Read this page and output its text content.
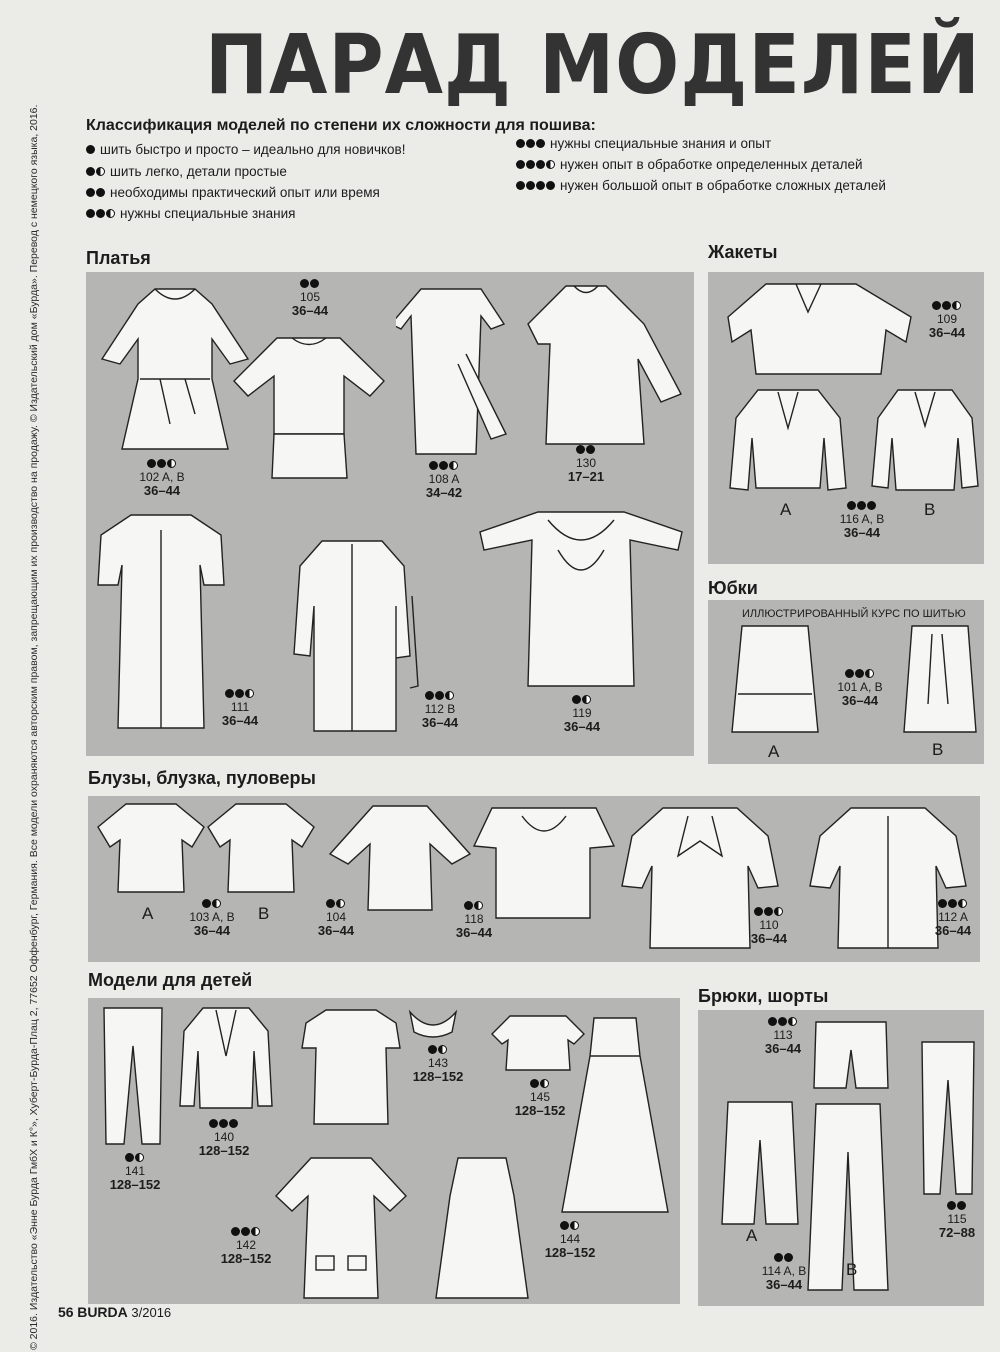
© 2016. Издательство «Энне Бурда ГмбХ и К°», Хуберт-Бурда-Плац 2, 77652 Оффенбург, Германия. Все модели охраняются авторским правом, запрещающим их производство на продажу. © Издательский дом «Бурда». Перевод с немецкого языка, 2016.
ПАРАД МОДЕЛЕЙ
Классификация моделей по степени их сложности для пошива:
шить быстро и просто – идеально для новичков!
шить легко, детали простые
необходимы практический опыт или время
нужны специальные знания
нужны специальные знания и опыт
нужен опыт в обработке определенных деталей
нужен большой опыт в обработке сложных деталей
Платья
102 A, B
36–44
105
36–44
108 A
34–42
130
17–21
111
36–44
112 B
36–44
119
36–44
Жакеты
109
36–44
A	B
116 A, B
36–44
Юбки
ИЛЛЮСТРИРОВАННЫЙ КУРС ПО ШИТЬЮ
101 A, B
36–44
A	B
Блузы, блузка, пуловеры
A	B
103 A, B
36–44
104
36–44
118
36–44	110
36–44
112 A
36–44
Модели для детей
141
128–152
140
128–152
143
128–152
145
128–152
144
128–152
142
128–152
Брюки, шорты
113
36–44
115
72–88
A
B
114 A, B
36–44
56 BURDA 3/2016
